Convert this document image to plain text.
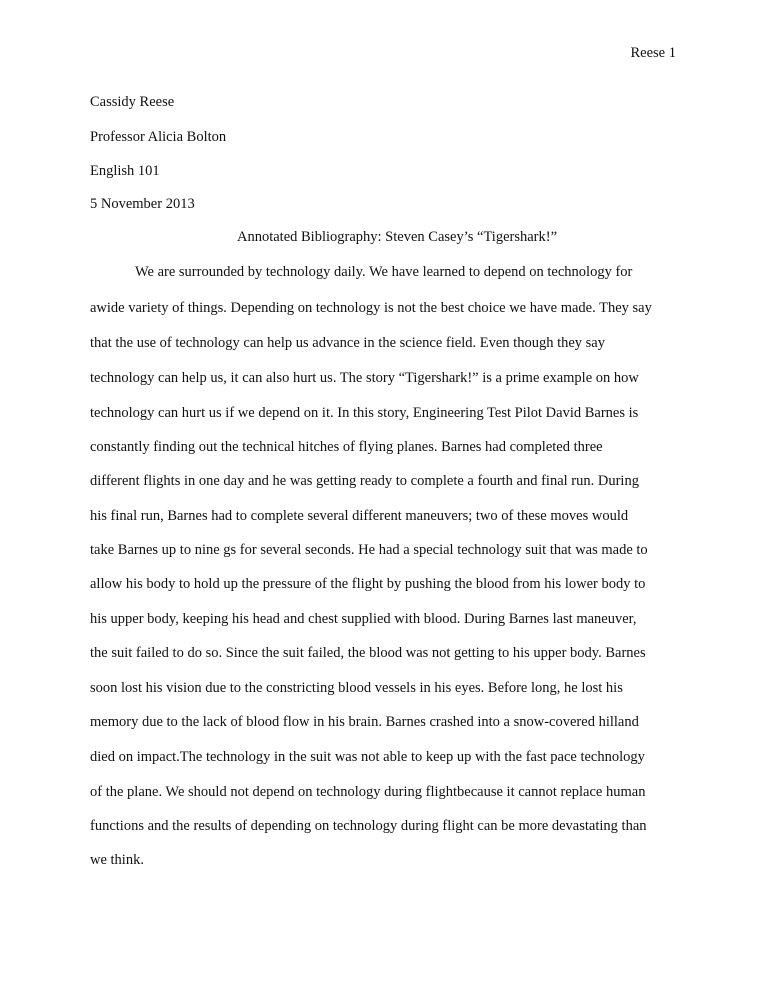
Reese 1
Cassidy Reese
Professor Alicia Bolton
English 101
5 November 2013
Annotated Bibliography: Steven Casey’s “Tigershark!”
We are surrounded by technology daily. We have learned to depend on technology for
awide variety of things. Depending on technology is not the best choice we have made. They say
that the use of technology can help us advance in the science field. Even though they say
technology can help us, it can also hurt us. The story “Tigershark!” is a prime example on how
technology can hurt us if we depend on it. In this story, Engineering Test Pilot David Barnes is
constantly finding out the technical hitches of flying planes. Barnes had completed three
different flights in one day and he was getting ready to complete a fourth and final run. During
his final run, Barnes had to complete several different maneuvers; two of these moves would
take Barnes up to nine gs for several seconds. He had a special technology suit that was made to
allow his body to hold up the pressure of the flight by pushing the blood from his lower body to
his upper body, keeping his head and chest supplied with blood. During Barnes last maneuver,
the suit failed to do so. Since the suit failed, the blood was not getting to his upper body. Barnes
soon lost his vision due to the constricting blood vessels in his eyes. Before long, he lost his
memory due to the lack of blood flow in his brain. Barnes crashed into a snow-covered hilland
died on impact.The technology in the suit was not able to keep up with the fast pace technology
of the plane. We should not depend on technology during flightbecause it cannot replace human
functions and the results of depending on technology during flight can be more devastating than
we think.
